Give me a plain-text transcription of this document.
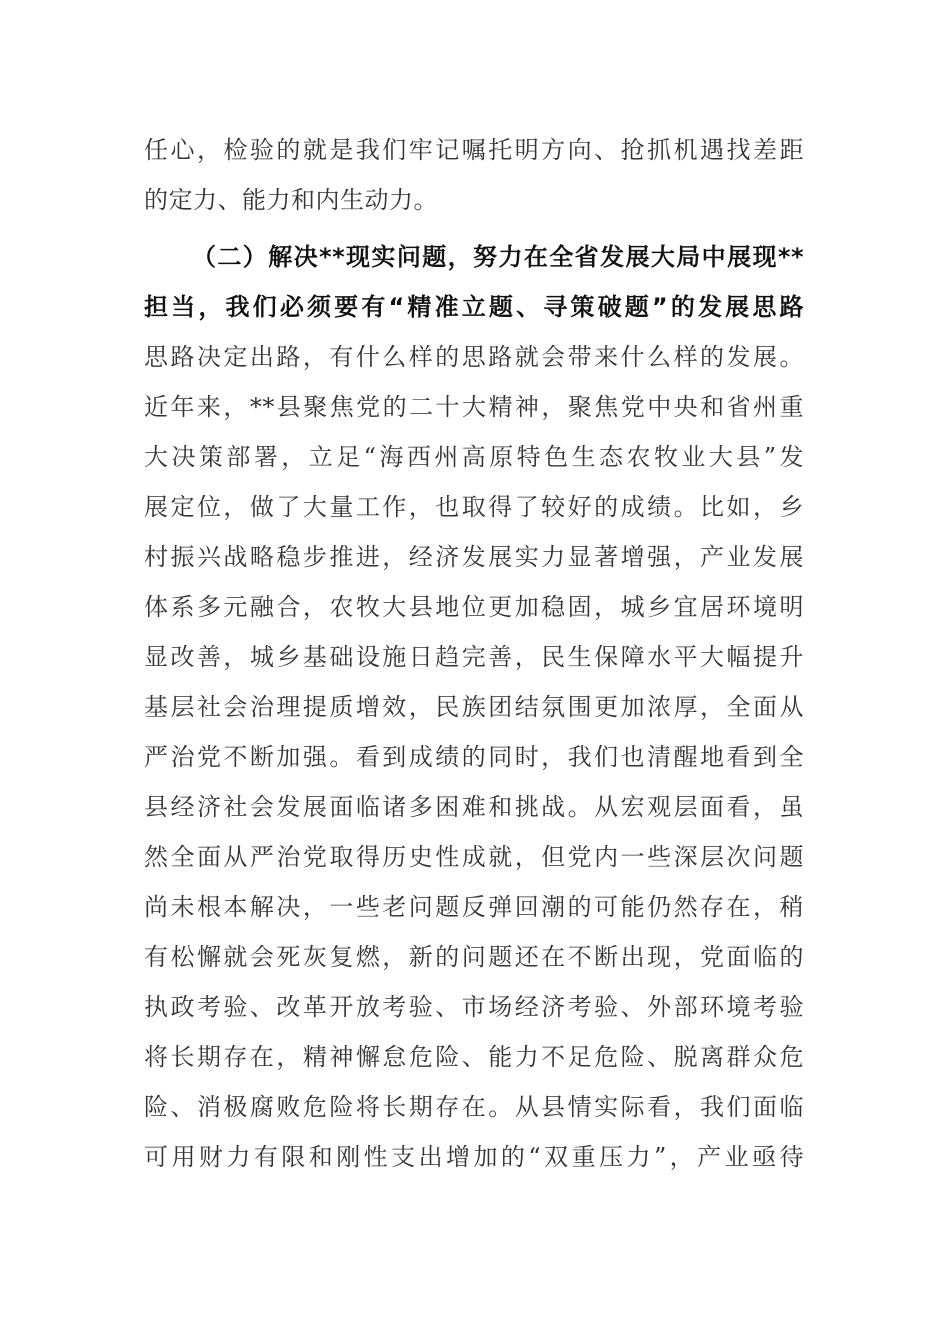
任心，检验的就是我们牢记嘱托明方向、抢抓机遇找差距
的定力、能力和内生动力。
（二）解决**现实问题，努力在全省发展大局中展现**
担当，我们必须要有“精准立题、寻策破题”的发展思路
思路决定出路，有什么样的思路就会带来什么样的发展。
近年来，**县聚焦党的二十大精神，聚焦党中央和省州重
大决策部署，立足“海西州高原特色生态农牧业大县”发
展定位，做了大量工作，也取得了较好的成绩。比如，乡
村振兴战略稳步推进，经济发展实力显著增强，产业发展
体系多元融合，农牧大县地位更加稳固，城乡宜居环境明
显改善，城乡基础设施日趋完善，民生保障水平大幅提升
基层社会治理提质增效，民族团结氛围更加浓厚，全面从
严治党不断加强。看到成绩的同时，我们也清醒地看到全
县经济社会发展面临诸多困难和挑战。从宏观层面看，虽
然全面从严治党取得历史性成就，但党内一些深层次问题
尚未根本解决，一些老问题反弹回潮的可能仍然存在，稍
有松懈就会死灰复燃，新的问题还在不断出现，党面临的
执政考验、改革开放考验、市场经济考验、外部环境考验
将长期存在，精神懈怠危险、能力不足危险、脱离群众危
险、消极腐败危险将长期存在。从县情实际看，我们面临
可用财力有限和刚性支出增加的“双重压力”，产业亟待
